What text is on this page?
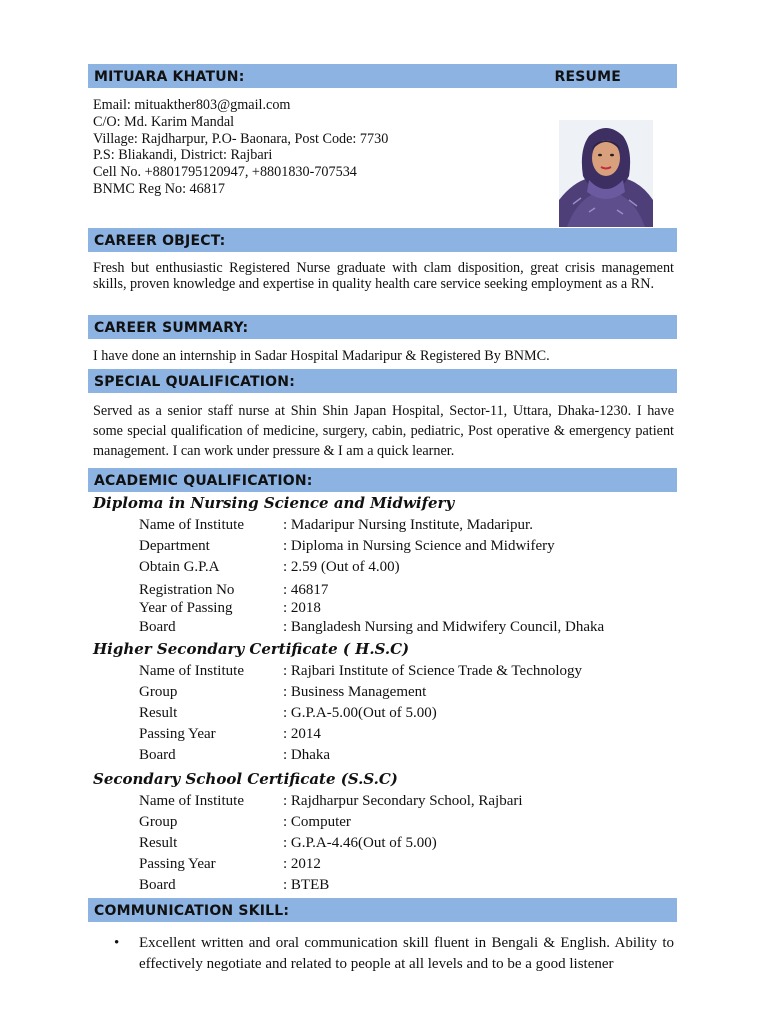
MITUARA KHATUN:	RESUME
Email: mituakther803@gmail.com
C/O: Md. Karim Mandal
Village: Rajdharpur, P.O- Baonara, Post Code: 7730
P.S: Bliakandi, District: Rajbari
Cell No. +8801795120947, +8801830-707534
BNMC Reg No: 46817
CAREER OBJECT:
Fresh but enthusiastic Registered Nurse graduate with clam disposition, great crisis management skills, proven knowledge and expertise in quality health care service seeking employment as a RN.
CAREER SUMMARY:
I have done an internship in Sadar Hospital Madaripur & Registered By BNMC.
SPECIAL QUALIFICATION:
Served as a senior staff nurse at Shin Shin Japan Hospital, Sector-11, Uttara, Dhaka-1230. I have some special qualification of medicine, surgery, cabin, pediatric, Post operative & emergency patient management. I can work under pressure & I am a quick learner.
ACADEMIC QUALIFICATION:
Diploma in Nursing Science and Midwifery
Name of Institute	: Madaripur Nursing Institute, Madaripur.
Department	: Diploma in Nursing Science and Midwifery
Obtain G.P.A	: 2.59 (Out of 4.00)
Registration No	: 46817
Year of Passing	: 2018
Board	: Bangladesh Nursing and Midwifery Council, Dhaka
Higher Secondary Certificate ( H.S.C)
Name of Institute	: Rajbari Institute of Science Trade & Technology
Group	: Business Management
Result	: G.P.A-5.00(Out of 5.00)
Passing Year	: 2014
Board	: Dhaka
Secondary School Certificate (S.S.C)
Name of Institute	: Rajdharpur Secondary School, Rajbari
Group	: Computer
Result	: G.P.A-4.46(Out of 5.00)
Passing Year	: 2012
Board	: BTEB
COMMUNICATION SKILL:
• Excellent written and oral communication skill fluent in Bengali & English. Ability to effectively negotiate and related to people at all levels and to be a good listener
